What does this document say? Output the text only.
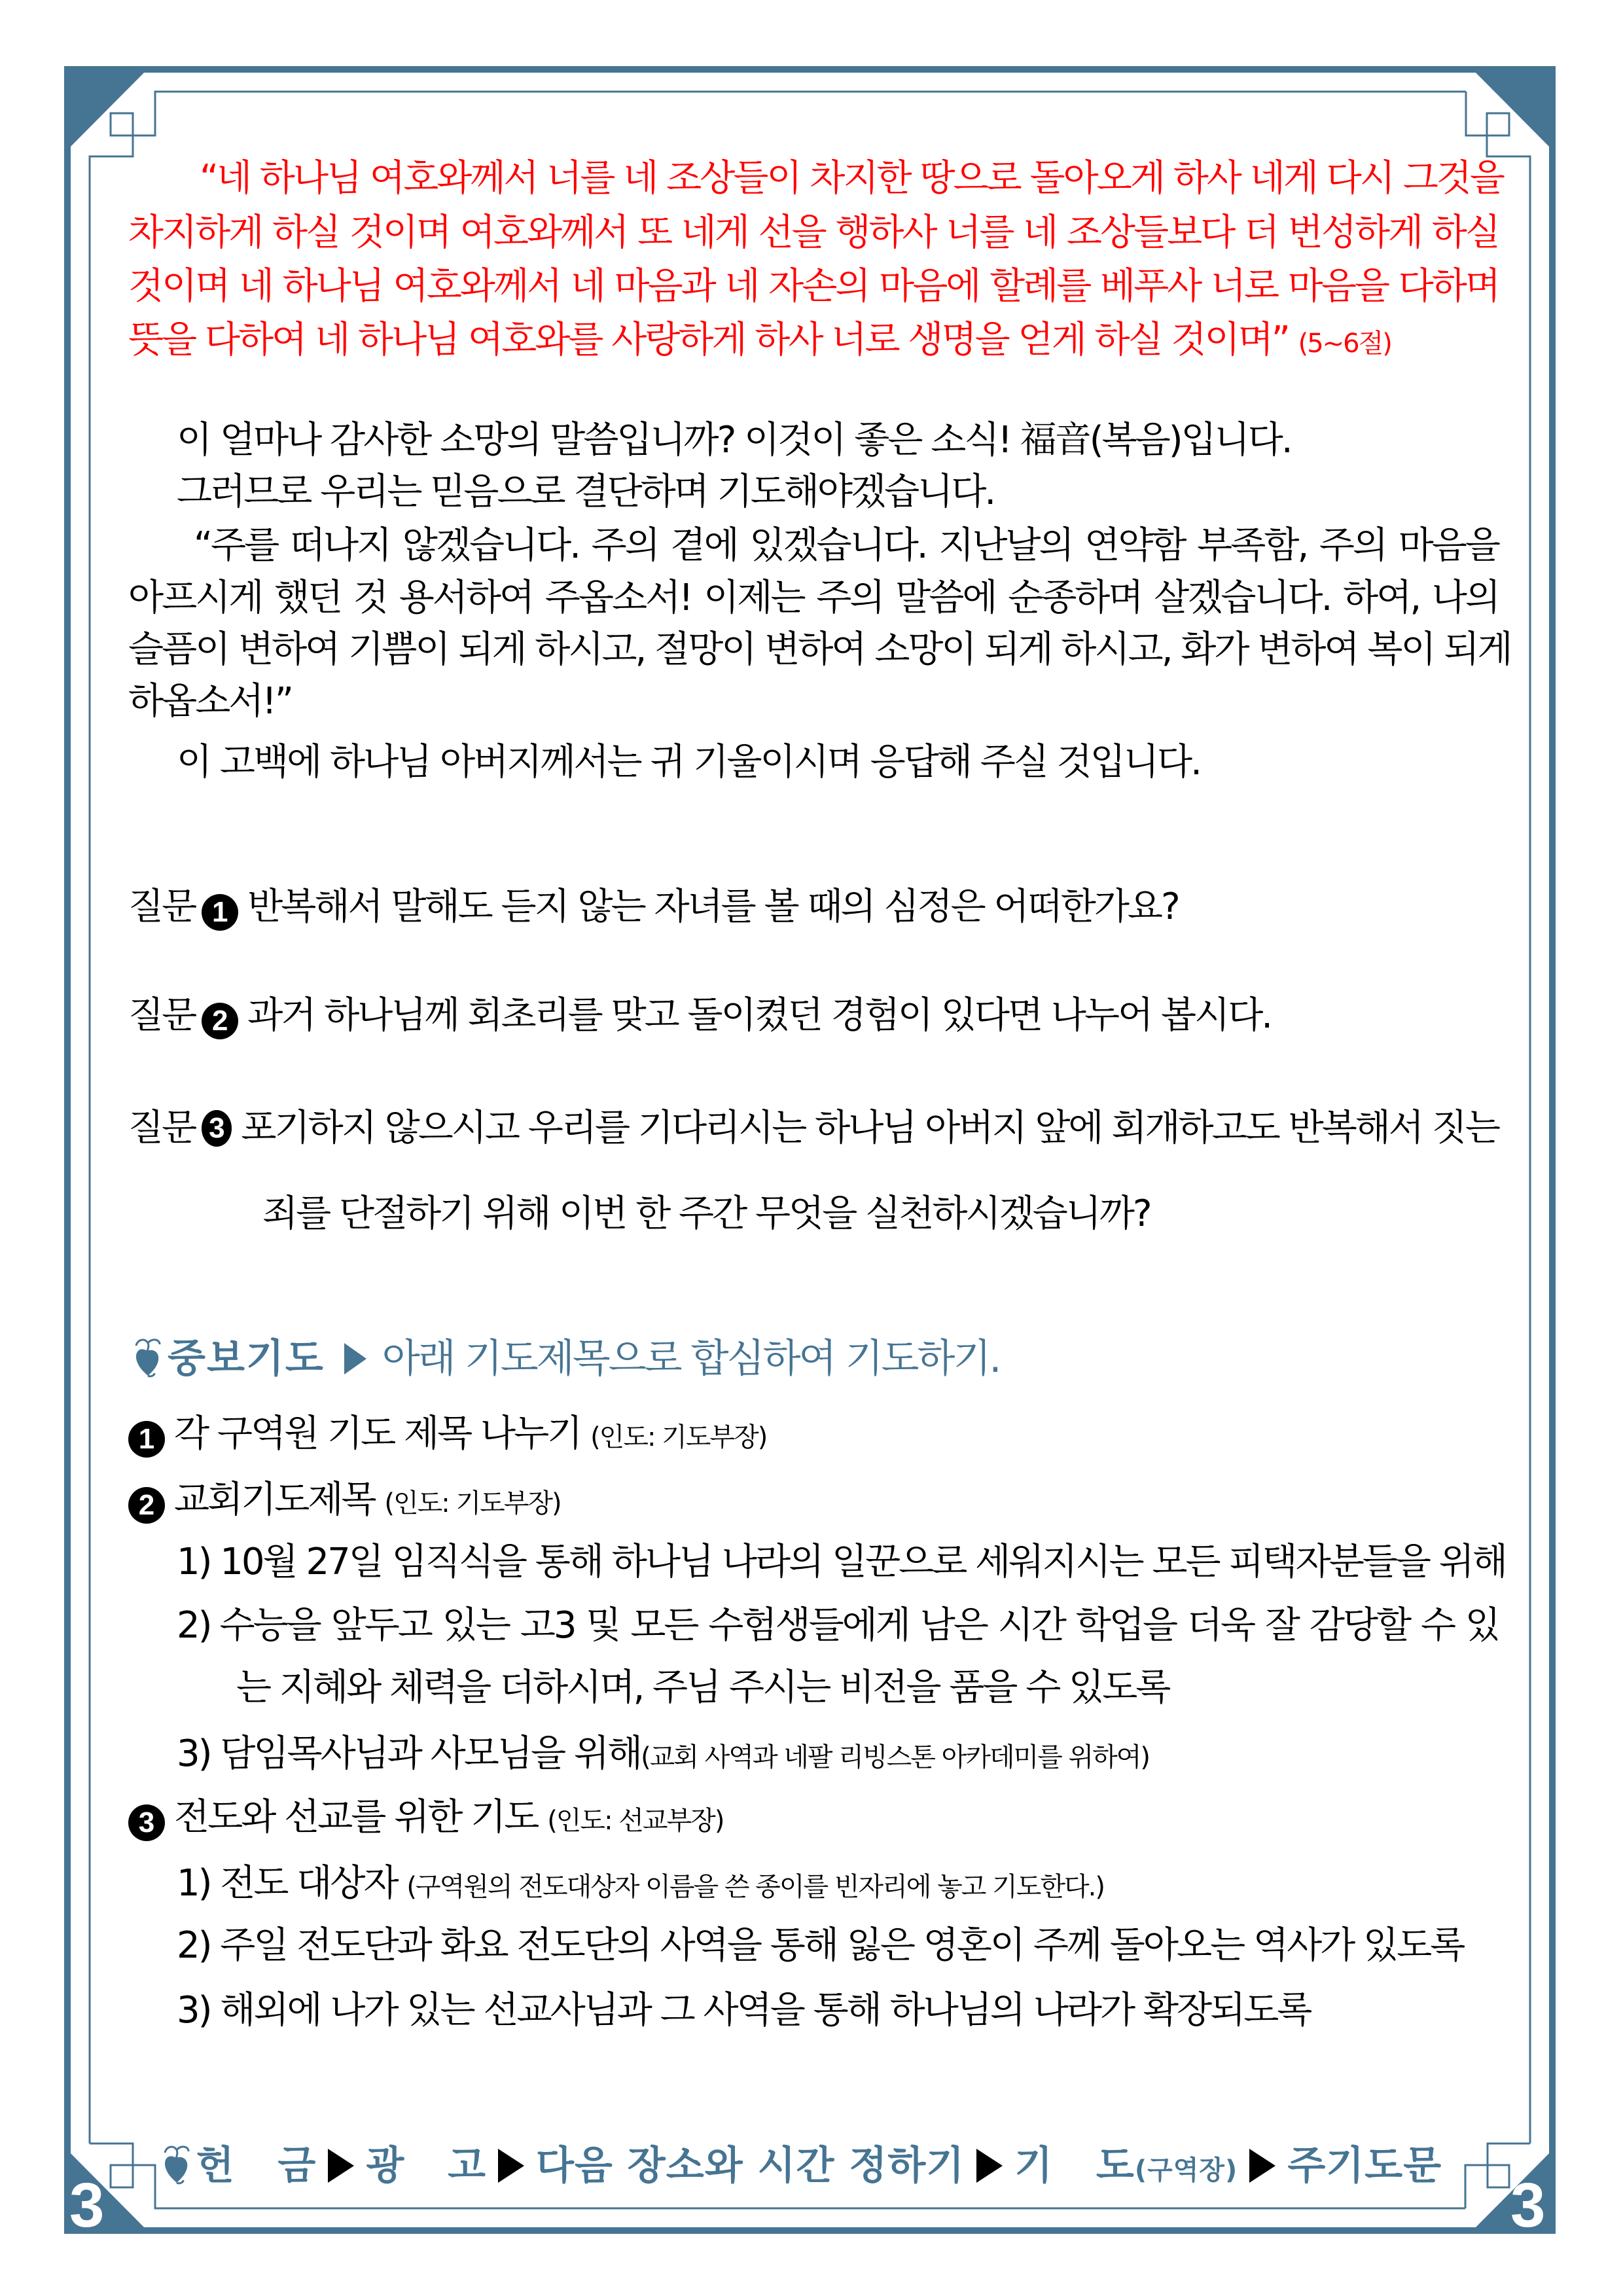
3	3
“네 하나님 여호와께서 너를 네 조상들이 차지한 땅으로 돌아오게 하사 네게 다시 그것을
차지하게 하실 것이며 여호와께서 또 네게 선을 행하사 너를 네 조상들보다 더 번성하게 하실
것이며 네 하나님 여호와께서 네 마음과 네 자손의 마음에 할례를 베푸사 너로 마음을 다하며
뜻을 다하여 네 하나님 여호와를 사랑하게 하사 너로 생명을 얻게 하실 것이며” (5~6절)
이 얼마나 감사한 소망의 말씀입니까? 이것이 좋은 소식! 福音(복음)입니다.
그러므로 우리는 믿음으로 결단하며 기도해야겠습니다.
“주를 떠나지 않겠습니다. 주의 곁에 있겠습니다. 지난날의 연약함 부족함, 주의 마음을
아프시게 했던 것 용서하여 주옵소서! 이제는 주의 말씀에 순종하며 살겠습니다. 하여, 나의
슬픔이 변하여 기쁨이 되게 하시고, 절망이 변하여 소망이 되게 하시고, 화가 변하여 복이 되게
하옵소서!”
이 고백에 하나님 아버지께서는 귀 기울이시며 응답해 주실 것입니다.
질문 1 반복해서 말해도 듣지 않는 자녀를 볼 때의 심정은 어떠한가요?
질문 2 과거 하나님께 회초리를 맞고 돌이켰던 경험이 있다면 나누어 봅시다.
질문 3 포기하지 않으시고 우리를 기다리시는 하나님 아버지 앞에 회개하고도 반복해서 짓는
죄를 단절하기 위해 이번 한 주간 무엇을 실천하시겠습니까?
중보기도 아래 기도제목으로 합심하여 기도하기.
1 각 구역원 기도 제목 나누기 (인도: 기도부장)
2 교회기도제목 (인도: 기도부장)
1) 10월 27일 임직식을 통해 하나님 나라의 일꾼으로 세워지시는 모든 피택자분들을 위해
2) 수능을 앞두고 있는 고3 및 모든 수험생들에게 남은 시간 학업을 더욱 잘 감당할 수 있
는 지혜와 체력을 더하시며, 주님 주시는 비전을 품을 수 있도록
3) 담임목사님과 사모님을 위해(교회 사역과 네팔 리빙스톤 아카데미를 위하여)
3 전도와 선교를 위한 기도 (인도: 선교부장)
1) 전도 대상자 (구역원의 전도대상자 이름을 쓴 종이를 빈자리에 놓고 기도한다.)
2) 주일 전도단과 화요 전도단의 사역을 통해 잃은 영혼이 주께 돌아오는 역사가 있도록
3) 해외에 나가 있는 선교사님과 그 사역을 통해 하나님의 나라가 확장되도록

헌   금 광   고 다음 장소와 시간 정하기 기   도(구역장) 주기도문
